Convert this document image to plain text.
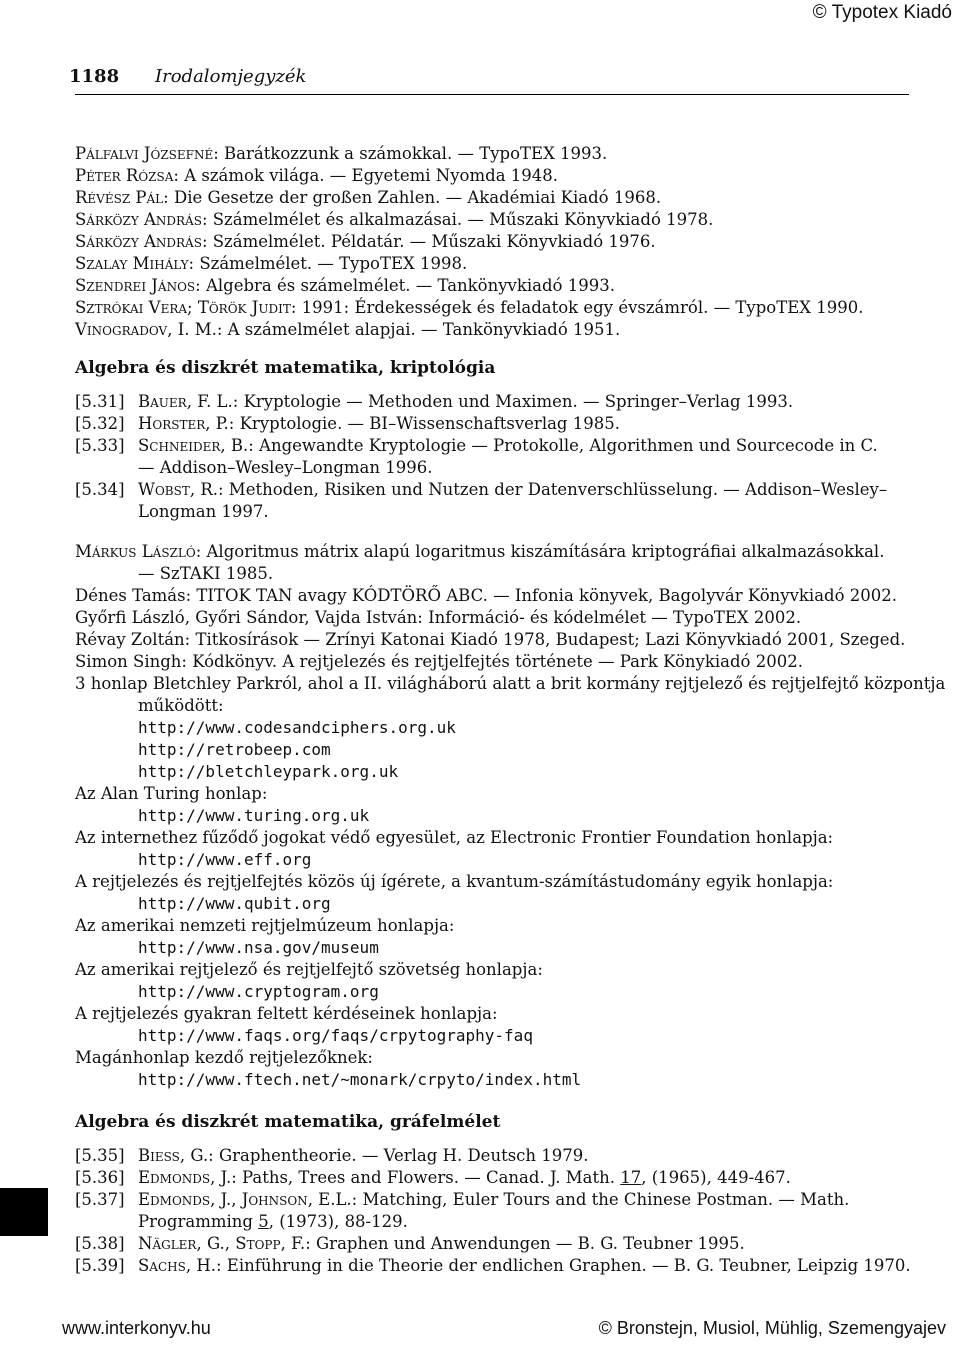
© Typotex Kiadó
1188 Irodalomjegyzék
Pálfalvi Józsefné: Barátkozzunk a számokkal. — TypoTEX 1993.
Péter Rózsa: A számok világa. — Egyetemi Nyomda 1948.
Révész Pál: Die Gesetze der großen Zahlen. — Akadémiai Kiadó 1968.
Sárközy András: Számelmélet és alkalmazásai. — Műszaki Könyvkiadó 1978.
Sárközy András: Számelmélet. Példatár. — Műszaki Könyvkiadó 1976.
Szalay Mihály: Számelmélet. — TypoTEX 1998.
Szendrei János: Algebra és számelmélet. — Tankönyvkiadó 1993.
Sztrókai Vera; Török Judit: 1991: Érdekességek és feladatok egy évszámról. — TypoTEX 1990.
Vinogradov, I. M.: A számelmélet alapjai. — Tankönyvkiadó 1951.
Algebra és diszkrét matematika, kriptológia
[5.31] Bauer, F. L.: Kryptologie — Methoden und Maximen. — Springer–Verlag 1993.
[5.32] Horster, P.: Kryptologie. — BI–Wissenschaftsverlag 1985.
[5.33] Schneider, B.: Angewandte Kryptologie — Protokolle, Algorithmen und Sourcecode in C.
— Addison–Wesley–Longman 1996.
[5.34] Wobst, R.: Methoden, Risiken und Nutzen der Datenverschlüsselung. — Addison–Wesley–
Longman 1997.
Márkus László: Algoritmus mátrix alapú logaritmus kiszámítására kriptográfiai alkalmazásokkal.
— SzTAKI 1985.
Dénes Tamás: TITOK TAN avagy KÓDTÖRŐ ABC. — Infonia könyvek, Bagolyvár Könyvkiadó 2002.
Győrfi László, Győri Sándor, Vajda István: Információ- és kódelmélet — TypoTEX 2002.
Révay Zoltán: Titkosírások — Zrínyi Katonai Kiadó 1978, Budapest; Lazi Könyvkiadó 2001, Szeged.
Simon Singh: Kódkönyv. A rejtjelezés és rejtjelfejtés története — Park Könykiadó 2002.
3 honlap Bletchley Parkról, ahol a II. világháború alatt a brit kormány rejtjelező és rejtjelfejtő központja
működött:
http://www.codesandciphers.org.uk
http://retrobeep.com
http://bletchleypark.org.uk
Az Alan Turing honlap:
http://www.turing.org.uk
Az internethez fűződő jogokat védő egyesület, az Electronic Frontier Foundation honlapja:
http://www.eff.org
A rejtjelezés és rejtjelfejtés közös új ígérete, a kvantum-számítástudomány egyik honlapja:
http://www.qubit.org
Az amerikai nemzeti rejtjelmúzeum honlapja:
http://www.nsa.gov/museum
Az amerikai rejtjelező és rejtjelfejtő szövetség honlapja:
http://www.cryptogram.org
A rejtjelezés gyakran feltett kérdéseinek honlapja:
http://www.faqs.org/faqs/crpytography-faq
Magánhonlap kezdő rejtjelezőknek:
http://www.ftech.net/~monark/crpyto/index.html
Algebra és diszkrét matematika, gráfelmélet
[5.35] Biess, G.: Graphentheorie. — Verlag H. Deutsch 1979.
[5.36] Edmonds, J.: Paths, Trees and Flowers. — Canad. J. Math. 17, (1965), 449-467.
[5.37] Edmonds, J., Johnson, E.L.: Matching, Euler Tours and the Chinese Postman. — Math.
Programming 5, (1973), 88-129.
[5.38] Nägler, G., Stopp, F.: Graphen und Anwendungen — B. G. Teubner 1995.
[5.39] Sachs, H.: Einführung in die Theorie der endlichen Graphen. — B. G. Teubner, Leipzig 1970.
www.interkonyv.hu	© Bronstejn, Musiol, Mühlig, Szemengyajev
